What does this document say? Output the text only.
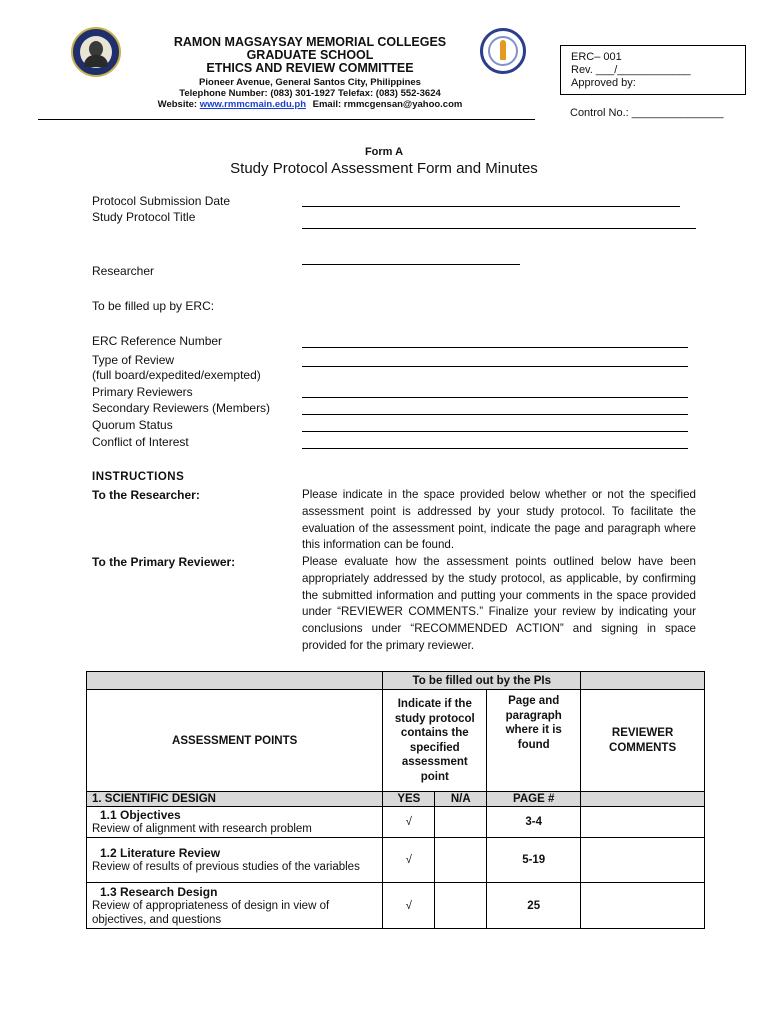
RAMON MAGSAYSAY MEMORIAL COLLEGES
GRADUATE SCHOOL
ETHICS AND REVIEW COMMITTEE
Pioneer Avenue, General Santos City, Philippines
Telephone Number: (083) 301-1927 Telefax: (083) 552-3624
Website: www.rmmcmain.edu.ph Email: rmmcgensan@yahoo.com
ERC– 001
Rev. ___/____________
Approved by:
Control No.: _______________
Form A
Study Protocol Assessment Form and Minutes
Protocol Submission Date
Study Protocol Title
Researcher
To be filled up by ERC:
ERC Reference Number
Type of Review
(full board/expedited/exempted)
Primary Reviewers
Secondary Reviewers (Members)
Quorum Status
Conflict of Interest
INSTRUCTIONS
To the Researcher:	Please indicate in the space provided below whether or not the specified assessment point is addressed by your study protocol. To facilitate the evaluation of the assessment point, indicate the page and paragraph where this information can be found.
To the Primary Reviewer:	Please evaluate how the assessment points outlined below have been appropriately addressed by the study protocol, as applicable, by confirming the submitted information and putting your comments in the space provided under “REVIEWER COMMENTS.” Finalize your review by indicating your conclusions under “RECOMMENDED ACTION” and signing in space provided for the primary reviewer.
	To be filled out by the PIs			
ASSESSMENT POINTS	Indicate if the study protocol contains the specified assessment point		Page and paragraph where it is found	REVIEWER COMMENTS
1. SCIENTIFIC DESIGN	YES	N/A	PAGE #	

1.1 Objectives
Review of alignment with research problem	√		3-4	

1.2 Literature Review
Review of results of previous studies of the variables	√		5-19	

1.3 Research Design
Review of appropriateness of design in view of objectives, and questions	√		25	
